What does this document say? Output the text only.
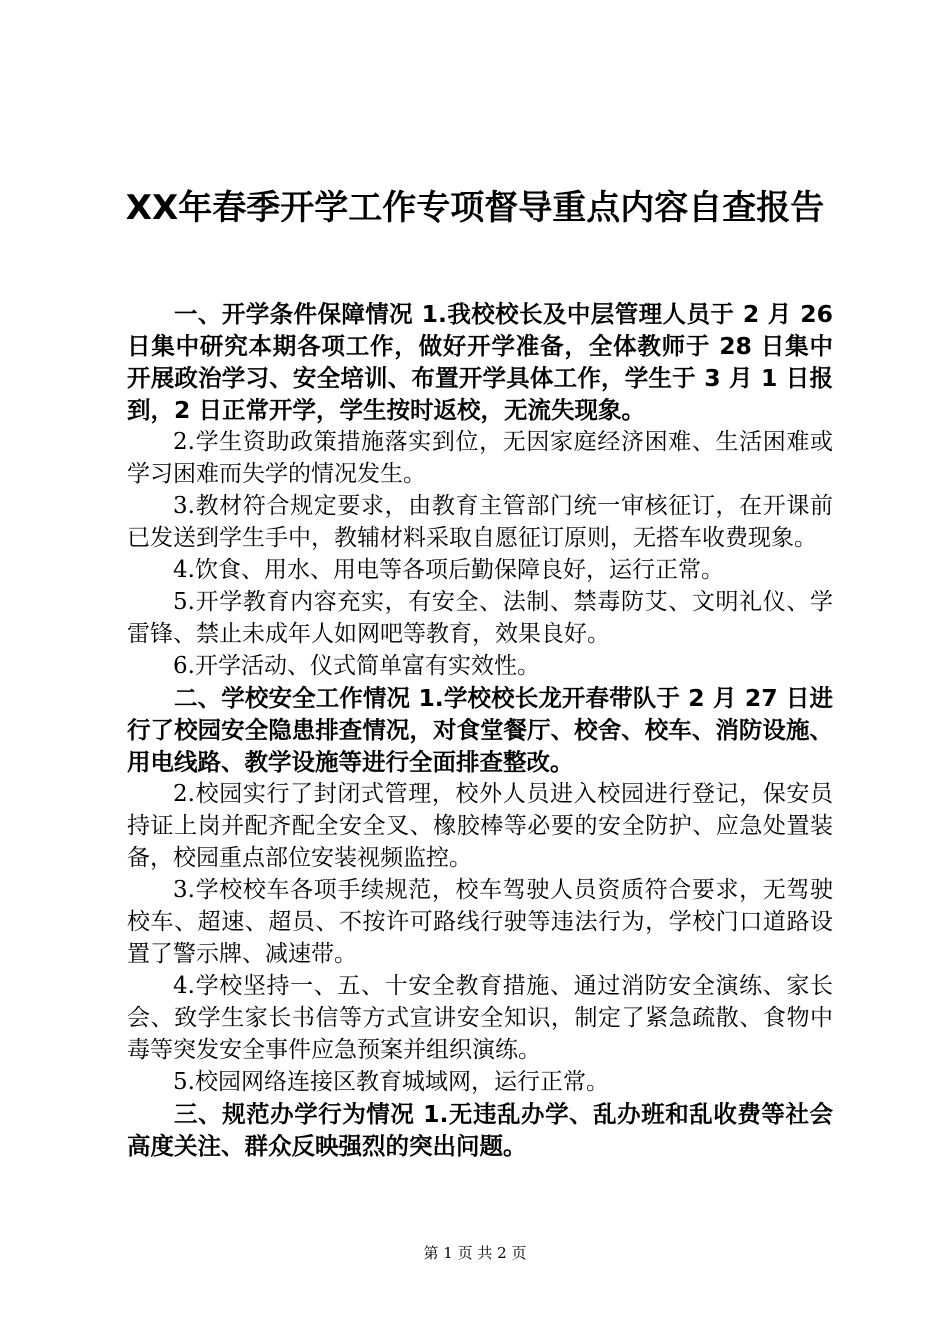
XX年春季开学工作专项督导重点内容自查报告

一、开学条件保障情况 1.我校校长及中层管理人员于 2 月 26 日集中研究本期各项工作，做好开学准备，全体教师于 28 日集中开展政治学习、安全培训、布置开学具体工作，学生于 3 月 1 日报到，2 日正常开学，学生按时返校，无流失现象。

2.学生资助政策措施落实到位，无因家庭经济困难、生活困难或学习困难而失学的情况发生。

3.教材符合规定要求，由教育主管部门统一审核征订，在开课前已发送到学生手中，教辅材料采取自愿征订原则，无搭车收费现象。

4.饮食、用水、用电等各项后勤保障良好，运行正常。

5.开学教育内容充实，有安全、法制、禁毒防艾、文明礼仪、学雷锋、禁止未成年人如网吧等教育，效果良好。

6.开学活动、仪式简单富有实效性。

二、学校安全工作情况 1.学校校长龙开春带队于 2 月 27 日进行了校园安全隐患排查情况，对食堂餐厅、校舍、校车、消防设施、用电线路、教学设施等进行全面排查整改。

2.校园实行了封闭式管理，校外人员进入校园进行登记，保安员持证上岗并配齐配全安全叉、橡胶棒等必要的安全防护、应急处置装备，校园重点部位安装视频监控。

3.学校校车各项手续规范，校车驾驶人员资质符合要求，无驾驶校车、超速、超员、不按许可路线行驶等违法行为，学校门口道路设置了警示牌、减速带。

4.学校坚持一、五、十安全教育措施、通过消防安全演练、家长会、致学生家长书信等方式宣讲安全知识，制定了紧急疏散、食物中毒等突发安全事件应急预案并组织演练。

5.校园网络连接区教育城域网，运行正常。

三、规范办学行为情况 1.无违乱办学、乱办班和乱收费等社会高度关注、群众反映强烈的突出问题。

第 1 页 共 2 页
